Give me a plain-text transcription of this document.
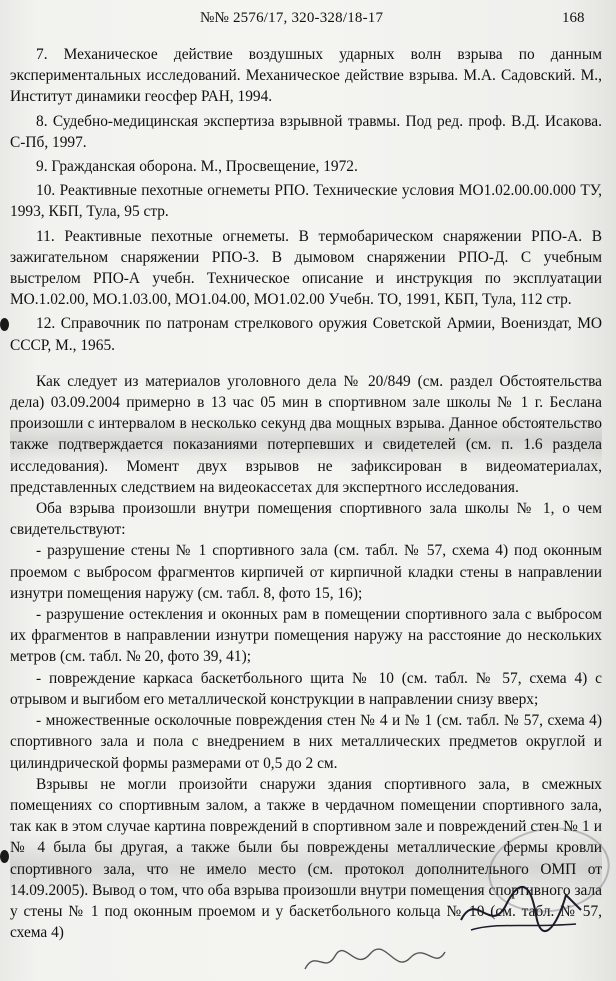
№№ 2576/17, 320-328/18-17	168

7. Механическое действие воздушных ударных волн взрыва по данным экспериментальных исследований. Механическое действие взрыва. М.А. Садовский. М., Институт динамики геосфер РАН, 1994.

8. Судебно-медицинская экспертиза взрывной травмы. Под ред. проф. В.Д. Исакова. С-Пб, 1997.

9. Гражданская оборона. М., Просвещение, 1972.

10. Реактивные пехотные огнеметы РПО. Технические условия МО1.02.00.00.000 ТУ, 1993, КБП, Тула, 95 стр.

11. Реактивные пехотные огнеметы. В термобарическом снаряжении РПО-А. В зажигательном снаряжении РПО-З. В дымовом снаряжении РПО-Д. С учебным выстрелом РПО-А учебн. Техническое описание и инструкция по эксплуатации МО.1.02.00, МО.1.03.00, МО1.04.00, МО1.02.00 Учебн. ТО, 1991, КБП, Тула, 112 стр.

12. Справочник по патронам стрелкового оружия Советской Армии, Воениздат, МО СССР, М., 1965.

Как следует из материалов уголовного дела № 20/849 (см. раздел Обстоятельства дела) 03.09.2004 примерно в 13 час 05 мин в спортивном зале школы № 1 г. Беслана произошли с интервалом в несколько секунд два мощных взрыва. Данное обстоятельство также подтверждается показаниями потерпевших и свидетелей (см. п. 1.6 раздела исследования). Момент двух взрывов не зафиксирован в видеоматериалах, представленных следствием на видеокассетах для экспертного исследования.

Оба взрыва произошли внутри помещения спортивного зала школы № 1, о чем свидетельствуют:

- разрушение стены № 1 спортивного зала (см. табл. № 57, схема 4) под оконным проемом с выбросом фрагментов кирпичей от кирпичной кладки стены в направлении изнутри помещения наружу (см. табл. 8, фото 15, 16);

- разрушение остекления и оконных рам в помещении спортивного зала с выбросом их фрагментов в направлении изнутри помещения наружу на расстояние до нескольких метров (см. табл. № 20, фото 39, 41);

- повреждение каркаса баскетбольного щита № 10 (см. табл. № 57, схема 4) с отрывом и выгибом его металлической конструкции в направлении снизу вверх;

- множественные осколочные повреждения стен № 4 и № 1 (см. табл. № 57, схема 4) спортивного зала и пола с внедрением в них металлических предметов округлой и цилиндрической формы размерами от 0,5 до 2 см.

Взрывы не могли произойти снаружи здания спортивного зала, в смежных помещениях со спортивным залом, а также в чердачном помещении спортивного зала, так как в этом случае картина повреждений в спортивном зале и повреждений стен № 1 и № 4 была бы другая, а также были бы повреждены металлические фермы кровли спортивного зала, что не имело место (см. протокол дополнительного ОМП от 14.09.2005). Вывод о том, что оба взрыва произошли внутри помещения спортивного зала у стены № 1 под оконным проемом и у баскетбольного кольца № 10 (см. табл. № 57, схема 4)
